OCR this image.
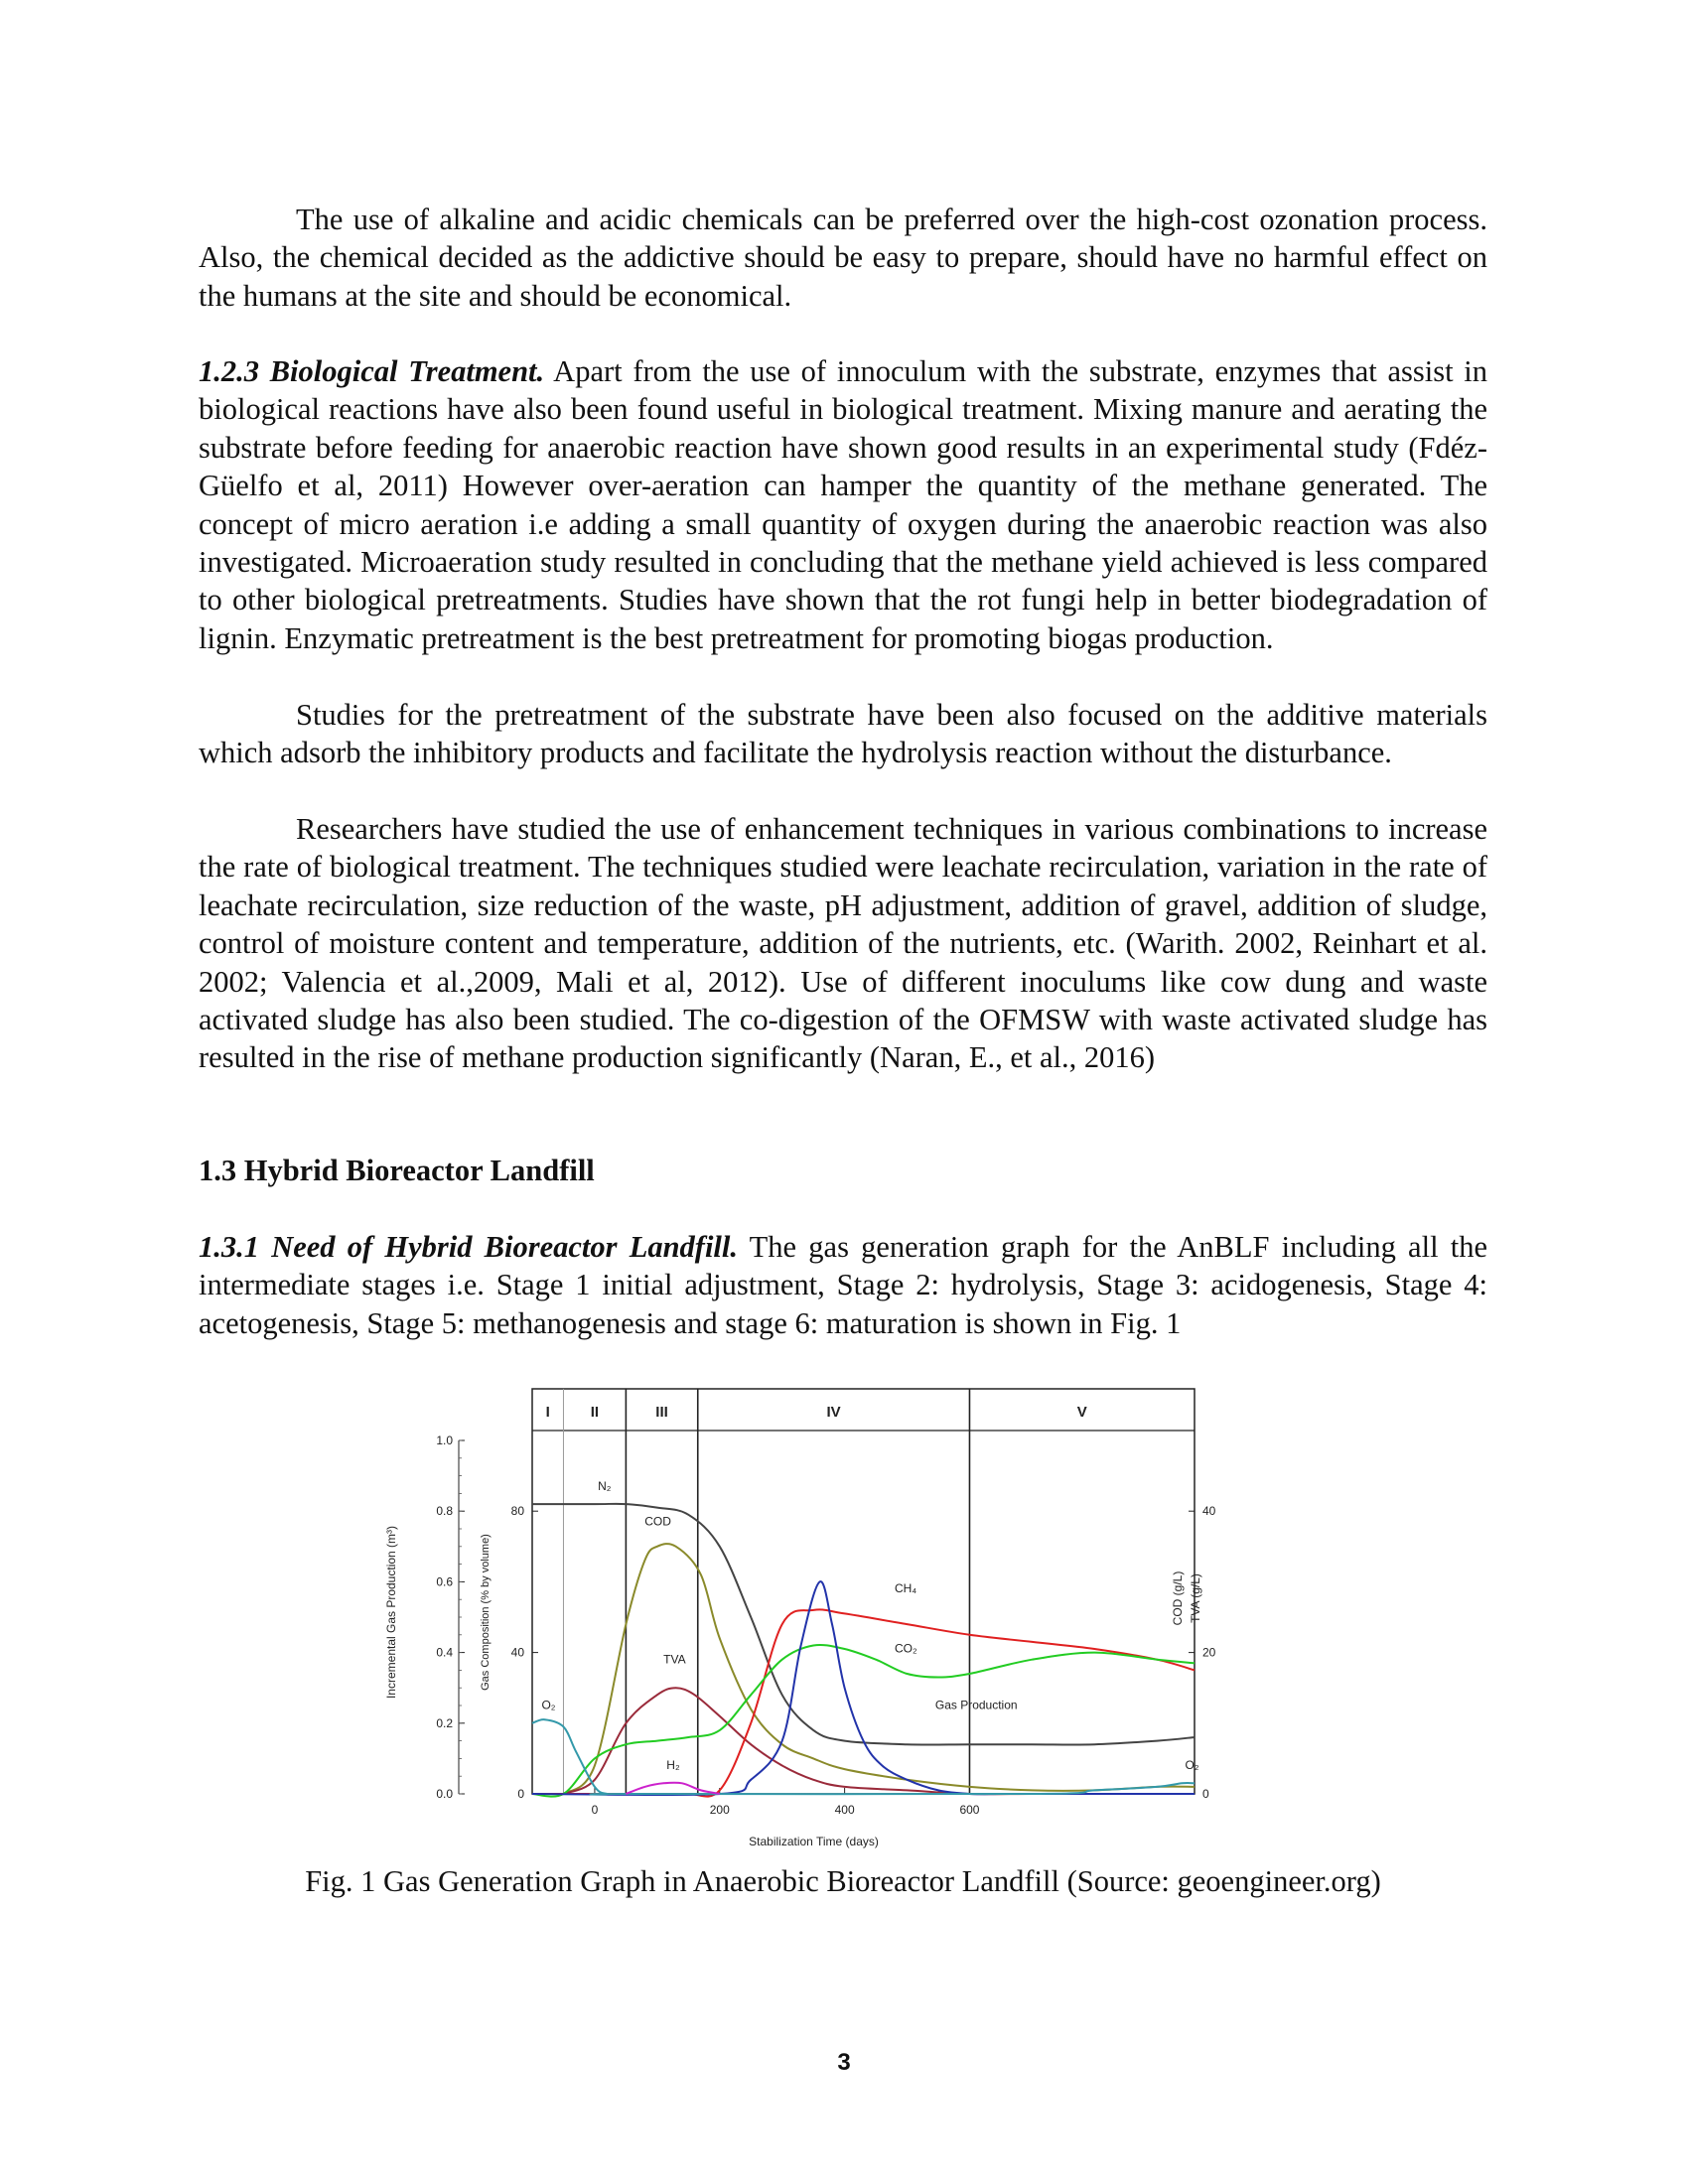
The use of alkaline and acidic chemicals can be preferred over the high-cost ozonation process. Also, the chemical decided as the addictive should be easy to prepare, should have no harmful effect on the humans at the site and should be economical.

1.2.3 Biological Treatment. Apart from the use of innoculum with the substrate, enzymes that assist in biological reactions have also been found useful in biological treatment. Mixing manure and aerating the substrate before feeding for anaerobic reaction have shown good results in an experimental study (Fdéz-Güelfo et al, 2011) However over-aeration can hamper the quantity of the methane generated. The concept of micro aeration i.e adding a small quantity of oxygen during the anaerobic reaction was also investigated. Microaeration study resulted in concluding that the methane yield achieved is less compared to other biological pretreatments. Studies have shown that the rot fungi help in better biodegradation of lignin. Enzymatic pretreatment is the best pretreatment for promoting biogas production.

Studies for the pretreatment of the substrate have been also focused on the additive materials which adsorb the inhibitory products and facilitate the hydrolysis reaction without the disturbance.

Researchers have studied the use of enhancement techniques in various combinations to increase the rate of biological treatment. The techniques studied were leachate recirculation, variation in the rate of leachate recirculation, size reduction of the waste, pH adjustment, addition of gravel, addition of sludge, control of moisture content and temperature, addition of the nutrients, etc. (Warith. 2002, Reinhart et al. 2002; Valencia et al.,2009, Mali et al, 2012). Use of different inoculums like cow dung and waste activated sludge has also been studied. The co-digestion of the OFMSW with waste activated sludge has resulted in the rise of methane production significantly (Naran, E., et al., 2016)

1.3 Hybrid Bioreactor Landfill

1.3.1 Need of Hybrid Bioreactor Landfill. The gas generation graph for the AnBLF including all the intermediate stages i.e. Stage 1 initial adjustment, Stage 2: hydrolysis, Stage 3: acidogenesis, Stage 4: acetogenesis, Stage 5: methanogenesis and stage 6: maturation is shown in Fig. 1

I	II	III	IV	V
0.0
0.2
0.4
0.6
0.8
1.0
Incremental Gas Production (m³)
0
40
80
Gas Composition (% by volume)
0
20
40
COD (g/L) TVA (g/L)
0	200	400	600
Stabilization Time (days)
N₂
COD
TVA
CH₄
CO₂
Gas Production
O₂
H₂	O₂
Fig. 1 Gas Generation Graph in Anaerobic Bioreactor Landfill (Source: geoengineer.org)
3
